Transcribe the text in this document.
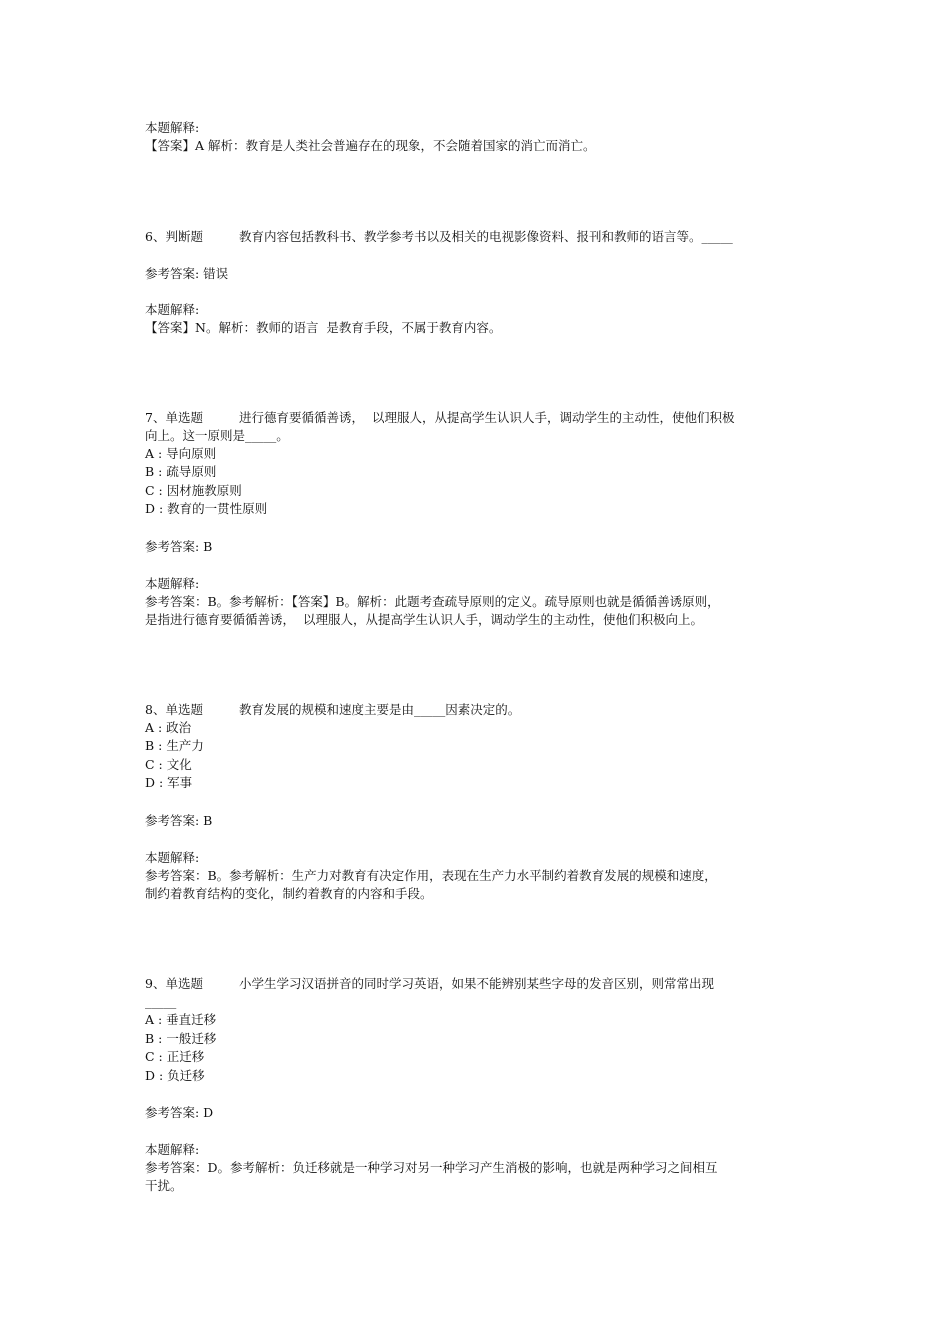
本题解释:
【答案】A 解析：教育是人类社会普遍存在的现象，不会随着国家的消亡而消亡。
6、判断题	教育内容包括教科书、教学参考书以及相关的电视影像资料、报刊和教师的语言等。_____
参考答案: 错误
本题解释:
【答案】N。解析：教师的语言  是教育手段，不属于教育内容。
7、单选题	进行德育要循循善诱，  以理服人，从提高学生认识人手，调动学生的主动性，使他们积极
向上。这一原则是_____。
A : 导向原则
B : 疏导原则
C : 因材施教原则
D : 教育的一贯性原则
参考答案: B
本题解释:
参考答案：B。参考解析：【答案】B。解析：此题考查疏导原则的定义。疏导原则也就是循循善诱原则，
是指进行德育要循循善诱，  以理服人，从提高学生认识人手，调动学生的主动性，使他们积极向上。
8、单选题	教育发展的规模和速度主要是由_____因素决定的。
A : 政治
B : 生产力
C : 文化
D : 军事
参考答案: B
本题解释:
参考答案：B。参考解析：生产力对教育有决定作用，表现在生产力水平制约着教育发展的规模和速度，
制约着教育结构的变化，制约着教育的内容和手段。
9、单选题	小学生学习汉语拼音的同时学习英语，如果不能辨别某些字母的发音区别，则常常出现
_____
A : 垂直迁移
B : 一般迁移
C : 正迁移
D : 负迁移
参考答案: D
本题解释:
参考答案：D。参考解析：负迁移就是一种学习对另一种学习产生消极的影响，也就是两种学习之间相互
干扰。
